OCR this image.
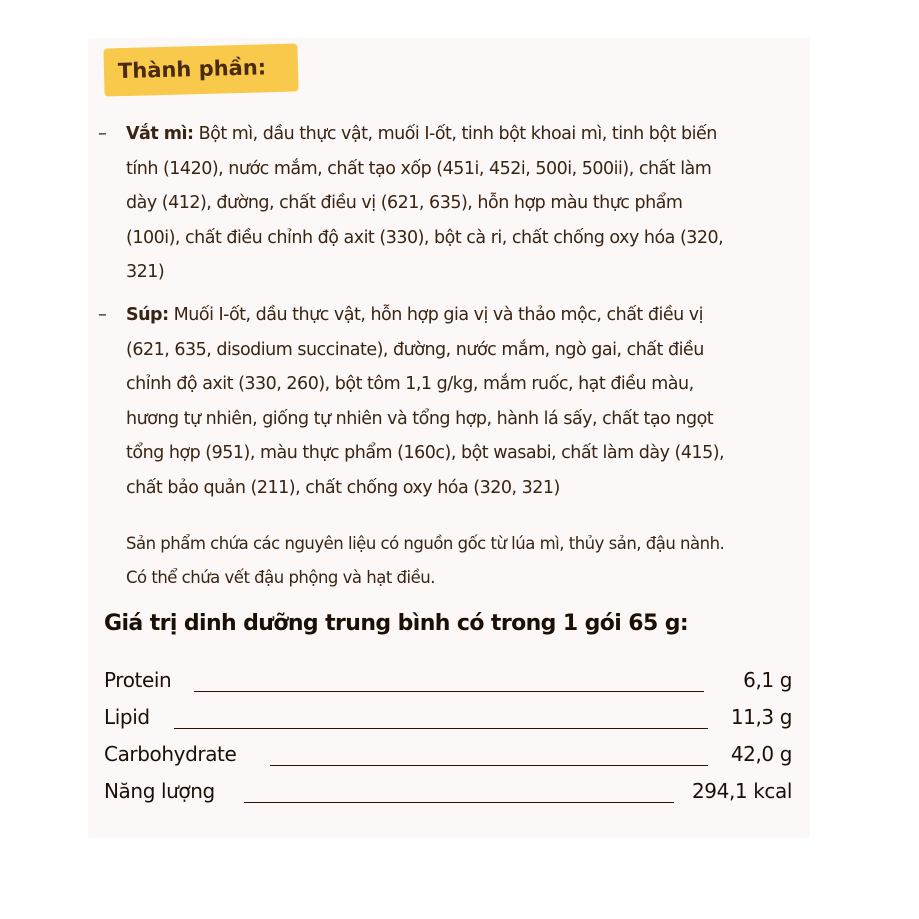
Thành phần:
– Vắt mì: Bột mì, dầu thực vật, muối I-ốt, tinh bột khoai mì, tinh bột biến
tính (1420), nước mắm, chất tạo xốp (451i, 452i, 500i, 500ii), chất làm
dày (412), đường, chất điều vị (621, 635), hỗn hợp màu thực phẩm
(100i), chất điều chỉnh độ axit (330), bột cà ri, chất chống oxy hóa (320,
321)
– Súp: Muối I-ốt, dầu thực vật, hỗn hợp gia vị và thảo mộc, chất điều vị
(621, 635, disodium succinate), đường, nước mắm, ngò gai, chất điều
chỉnh độ axit (330, 260), bột tôm 1,1 g/kg, mắm ruốc, hạt điều màu,
hương tự nhiên, giống tự nhiên và tổng hợp, hành lá sấy, chất tạo ngọt
tổng hợp (951), màu thực phẩm (160c), bột wasabi, chất làm dày (415),
chất bảo quản (211), chất chống oxy hóa (320, 321)
Sản phẩm chứa các nguyên liệu có nguồn gốc từ lúa mì, thủy sản, đậu nành.
Có thể chứa vết đậu phộng và hạt điều.
Giá trị dinh dưỡng trung bình có trong 1 gói 65 g:
Protein	6,1 g
Lipid	11,3 g
Carbohydrate	42,0 g
Năng lượng	294,1 kcal
